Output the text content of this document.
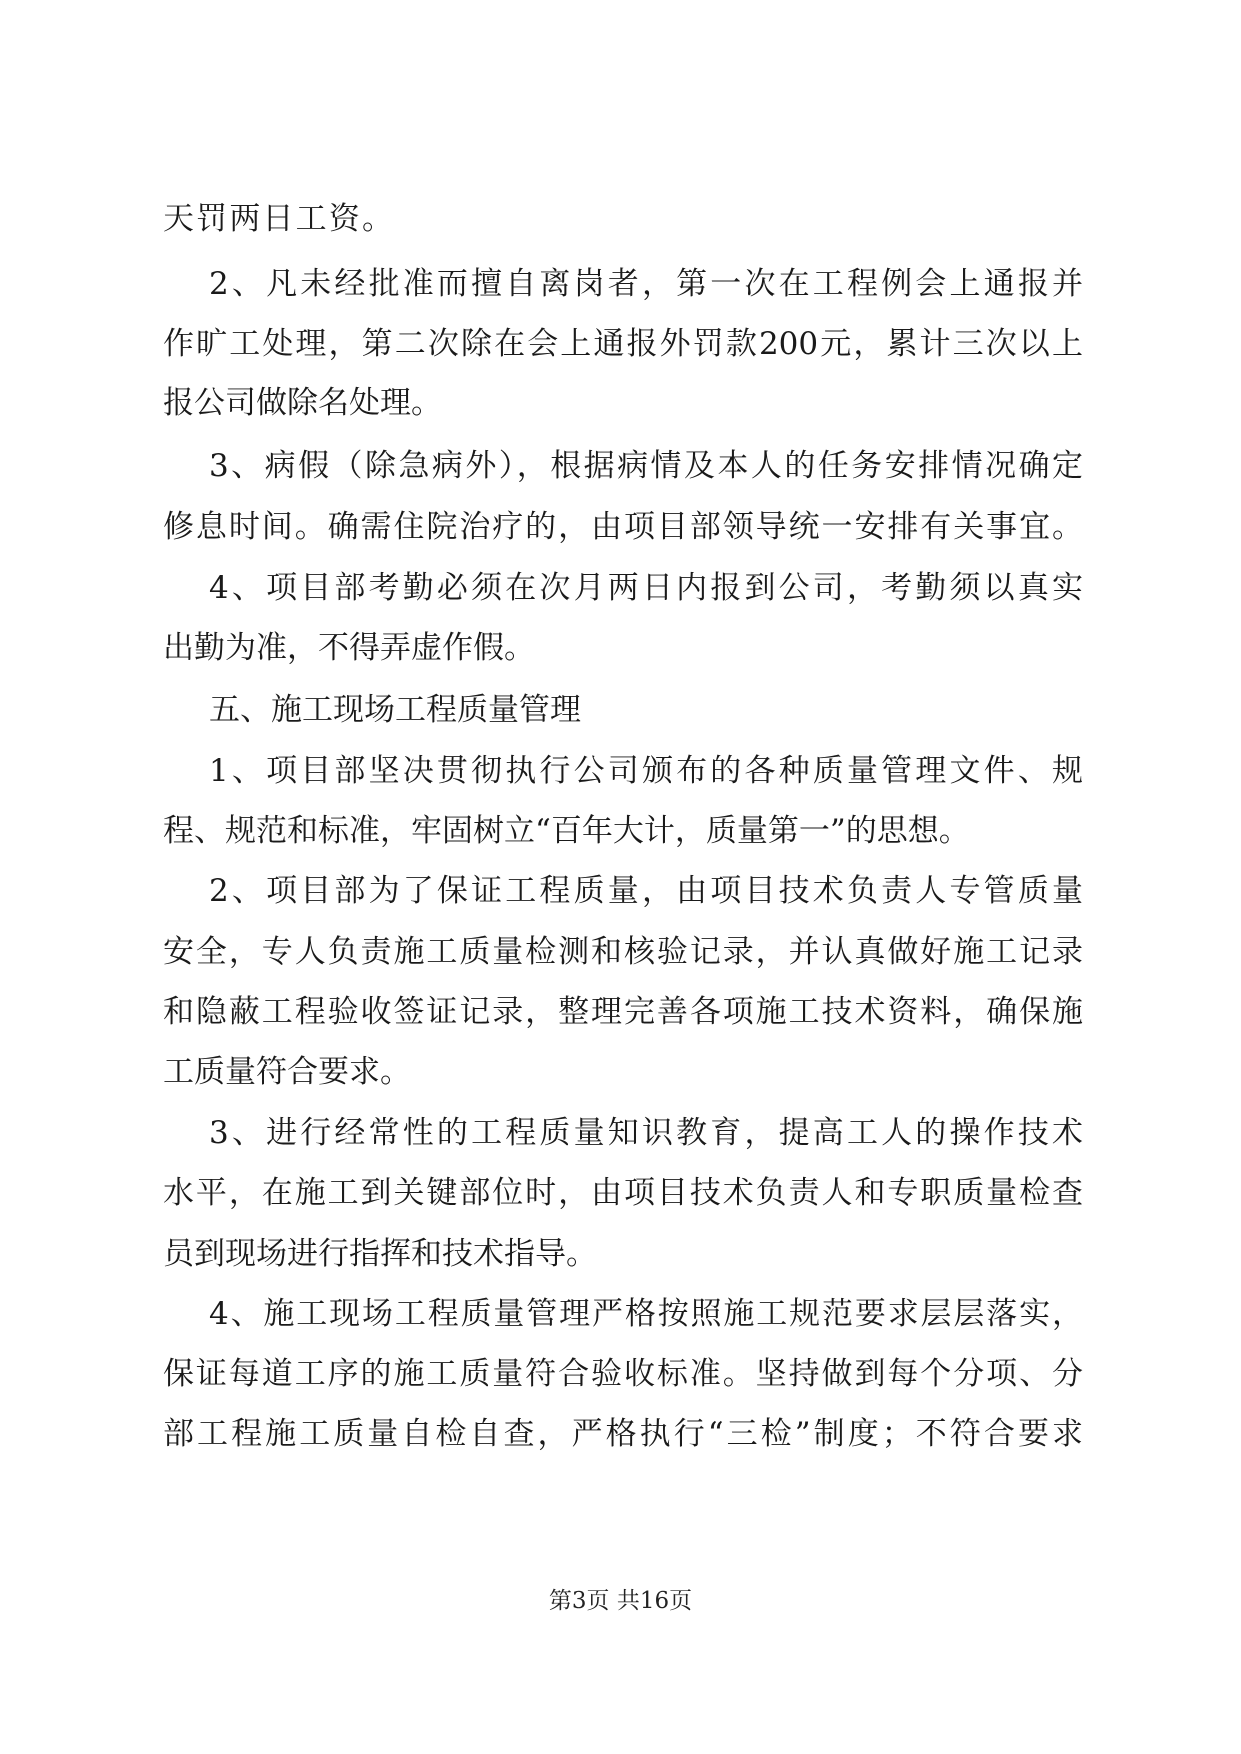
天罚两日工资。
2、凡未经批准而擅自离岗者，第一次在工程例会上通报并
作旷工处理，第二次除在会上通报外罚款200元，累计三次以上
报公司做除名处理。
3、病假（除急病外），根据病情及本人的任务安排情况确定
修息时间。确需住院治疗的，由项目部领导统一安排有关事宜。
4、项目部考勤必须在次月两日内报到公司，考勤须以真实
出勤为准，不得弄虚作假。
五、施工现场工程质量管理
1、项目部坚决贯彻执行公司颁布的各种质量管理文件、规
程、规范和标准，牢固树立“百年大计，质量第一”的思想。
2、项目部为了保证工程质量，由项目技术负责人专管质量
安全，专人负责施工质量检测和核验记录，并认真做好施工记录
和隐蔽工程验收签证记录，整理完善各项施工技术资料，确保施
工质量符合要求。
3、进行经常性的工程质量知识教育，提高工人的操作技术
水平，在施工到关键部位时，由项目技术负责人和专职质量检查
员到现场进行指挥和技术指导。
4、施工现场工程质量管理严格按照施工规范要求层层落实，
保证每道工序的施工质量符合验收标准。坚持做到每个分项、分
部工程施工质量自检自查，严格执行“三检”制度；不符合要求
第3页 共16页
